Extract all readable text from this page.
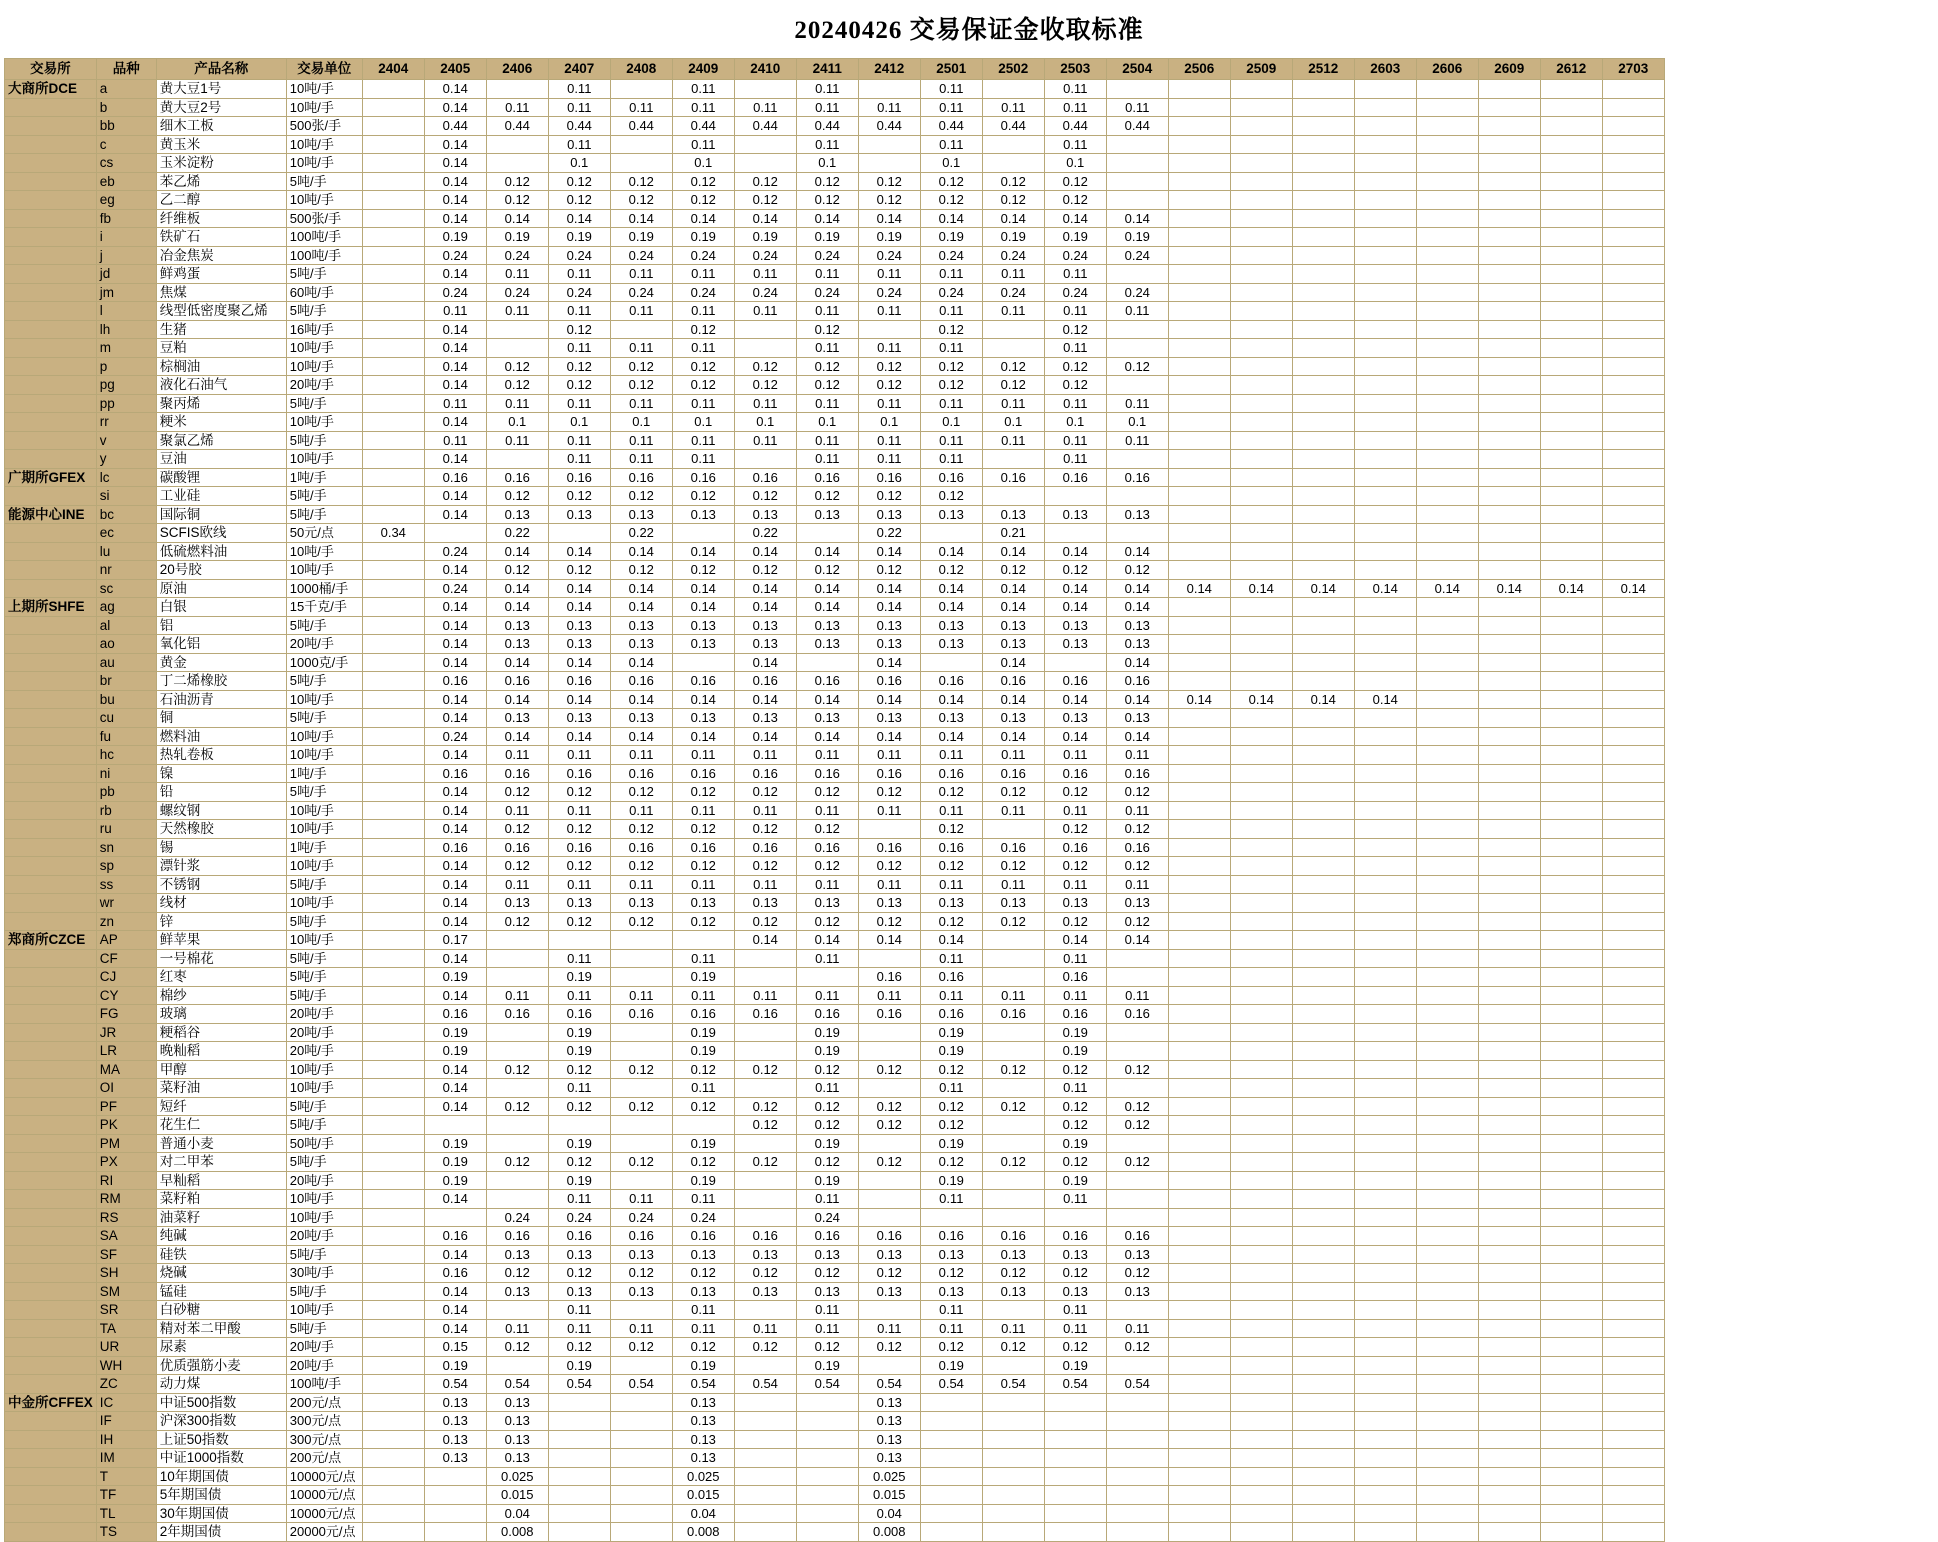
20240426 交易保证金收取标准
交易所	品种	产品名称	交易单位	2404	2405	2406	2407	2408	2409	2410	2411	2412	2501	2502	2503	2504	2506	2509	2512	2603	2606	2609	2612	2703
大商所DCE	a	黄大豆1号	10吨/手		0.14		0.11		0.11		0.11		0.11		0.11									
	b	黄大豆2号	10吨/手		0.14	0.11	0.11	0.11	0.11	0.11	0.11	0.11	0.11	0.11	0.11	0.11								
	bb	细木工板	500张/手		0.44	0.44	0.44	0.44	0.44	0.44	0.44	0.44	0.44	0.44	0.44	0.44								
	c	黄玉米	10吨/手		0.14		0.11		0.11		0.11		0.11		0.11									
	cs	玉米淀粉	10吨/手		0.14		0.1		0.1		0.1		0.1		0.1									
	eb	苯乙烯	5吨/手		0.14	0.12	0.12	0.12	0.12	0.12	0.12	0.12	0.12	0.12	0.12									
	eg	乙二醇	10吨/手		0.14	0.12	0.12	0.12	0.12	0.12	0.12	0.12	0.12	0.12	0.12									
	fb	纤维板	500张/手		0.14	0.14	0.14	0.14	0.14	0.14	0.14	0.14	0.14	0.14	0.14	0.14								
	i	铁矿石	100吨/手		0.19	0.19	0.19	0.19	0.19	0.19	0.19	0.19	0.19	0.19	0.19	0.19								
	j	冶金焦炭	100吨/手		0.24	0.24	0.24	0.24	0.24	0.24	0.24	0.24	0.24	0.24	0.24	0.24								
	jd	鲜鸡蛋	5吨/手		0.14	0.11	0.11	0.11	0.11	0.11	0.11	0.11	0.11	0.11	0.11									
	jm	焦煤	60吨/手		0.24	0.24	0.24	0.24	0.24	0.24	0.24	0.24	0.24	0.24	0.24	0.24								
	l	线型低密度聚乙烯	5吨/手		0.11	0.11	0.11	0.11	0.11	0.11	0.11	0.11	0.11	0.11	0.11	0.11								
	lh	生猪	16吨/手		0.14		0.12		0.12		0.12		0.12		0.12									
	m	豆粕	10吨/手		0.14		0.11	0.11	0.11		0.11	0.11	0.11		0.11									
	p	棕榈油	10吨/手		0.14	0.12	0.12	0.12	0.12	0.12	0.12	0.12	0.12	0.12	0.12	0.12								
	pg	液化石油气	20吨/手		0.14	0.12	0.12	0.12	0.12	0.12	0.12	0.12	0.12	0.12	0.12									
	pp	聚丙烯	5吨/手		0.11	0.11	0.11	0.11	0.11	0.11	0.11	0.11	0.11	0.11	0.11	0.11								
	rr	粳米	10吨/手		0.14	0.1	0.1	0.1	0.1	0.1	0.1	0.1	0.1	0.1	0.1	0.1								
	v	聚氯乙烯	5吨/手		0.11	0.11	0.11	0.11	0.11	0.11	0.11	0.11	0.11	0.11	0.11	0.11								
	y	豆油	10吨/手		0.14		0.11	0.11	0.11		0.11	0.11	0.11		0.11									
广期所GFEX	lc	碳酸锂	1吨/手		0.16	0.16	0.16	0.16	0.16	0.16	0.16	0.16	0.16	0.16	0.16	0.16								
	si	工业硅	5吨/手		0.14	0.12	0.12	0.12	0.12	0.12	0.12	0.12	0.12											
能源中心INE	bc	国际铜	5吨/手		0.14	0.13	0.13	0.13	0.13	0.13	0.13	0.13	0.13	0.13	0.13	0.13								
	ec	SCFIS欧线	50元/点	0.34		0.22		0.22		0.22		0.22		0.21										
	lu	低硫燃料油	10吨/手		0.24	0.14	0.14	0.14	0.14	0.14	0.14	0.14	0.14	0.14	0.14	0.14								
	nr	20号胶	10吨/手		0.14	0.12	0.12	0.12	0.12	0.12	0.12	0.12	0.12	0.12	0.12	0.12								
	sc	原油	1000桶/手		0.24	0.14	0.14	0.14	0.14	0.14	0.14	0.14	0.14	0.14	0.14	0.14	0.14	0.14	0.14	0.14	0.14	0.14	0.14	0.14
上期所SHFE	ag	白银	15千克/手		0.14	0.14	0.14	0.14	0.14	0.14	0.14	0.14	0.14	0.14	0.14	0.14								
	al	铝	5吨/手		0.14	0.13	0.13	0.13	0.13	0.13	0.13	0.13	0.13	0.13	0.13	0.13								
	ao	氧化铝	20吨/手		0.14	0.13	0.13	0.13	0.13	0.13	0.13	0.13	0.13	0.13	0.13	0.13								
	au	黄金	1000克/手		0.14	0.14	0.14	0.14		0.14		0.14		0.14		0.14								
	br	丁二烯橡胶	5吨/手		0.16	0.16	0.16	0.16	0.16	0.16	0.16	0.16	0.16	0.16	0.16	0.16								
	bu	石油沥青	10吨/手		0.14	0.14	0.14	0.14	0.14	0.14	0.14	0.14	0.14	0.14	0.14	0.14	0.14	0.14	0.14	0.14				
	cu	铜	5吨/手		0.14	0.13	0.13	0.13	0.13	0.13	0.13	0.13	0.13	0.13	0.13	0.13								
	fu	燃料油	10吨/手		0.24	0.14	0.14	0.14	0.14	0.14	0.14	0.14	0.14	0.14	0.14	0.14								
	hc	热轧卷板	10吨/手		0.14	0.11	0.11	0.11	0.11	0.11	0.11	0.11	0.11	0.11	0.11	0.11								
	ni	镍	1吨/手		0.16	0.16	0.16	0.16	0.16	0.16	0.16	0.16	0.16	0.16	0.16	0.16								
	pb	铅	5吨/手		0.14	0.12	0.12	0.12	0.12	0.12	0.12	0.12	0.12	0.12	0.12	0.12								
	rb	螺纹钢	10吨/手		0.14	0.11	0.11	0.11	0.11	0.11	0.11	0.11	0.11	0.11	0.11	0.11								
	ru	天然橡胶	10吨/手		0.14	0.12	0.12	0.12	0.12	0.12	0.12		0.12		0.12	0.12								
	sn	锡	1吨/手		0.16	0.16	0.16	0.16	0.16	0.16	0.16	0.16	0.16	0.16	0.16	0.16								
	sp	漂针浆	10吨/手		0.14	0.12	0.12	0.12	0.12	0.12	0.12	0.12	0.12	0.12	0.12	0.12								
	ss	不锈钢	5吨/手		0.14	0.11	0.11	0.11	0.11	0.11	0.11	0.11	0.11	0.11	0.11	0.11								
	wr	线材	10吨/手		0.14	0.13	0.13	0.13	0.13	0.13	0.13	0.13	0.13	0.13	0.13	0.13								
	zn	锌	5吨/手		0.14	0.12	0.12	0.12	0.12	0.12	0.12	0.12	0.12	0.12	0.12	0.12								
郑商所CZCE	AP	鲜苹果	10吨/手		0.17					0.14	0.14	0.14	0.14		0.14	0.14								
	CF	一号棉花	5吨/手		0.14		0.11		0.11		0.11		0.11		0.11									
	CJ	红枣	5吨/手		0.19		0.19		0.19			0.16	0.16		0.16									
	CY	棉纱	5吨/手		0.14	0.11	0.11	0.11	0.11	0.11	0.11	0.11	0.11	0.11	0.11	0.11								
	FG	玻璃	20吨/手		0.16	0.16	0.16	0.16	0.16	0.16	0.16	0.16	0.16	0.16	0.16	0.16								
	JR	粳稻谷	20吨/手		0.19		0.19		0.19		0.19		0.19		0.19									
	LR	晚籼稻	20吨/手		0.19		0.19		0.19		0.19		0.19		0.19									
	MA	甲醇	10吨/手		0.14	0.12	0.12	0.12	0.12	0.12	0.12	0.12	0.12	0.12	0.12	0.12								
	OI	菜籽油	10吨/手		0.14		0.11		0.11		0.11		0.11		0.11									
	PF	短纤	5吨/手		0.14	0.12	0.12	0.12	0.12	0.12	0.12	0.12	0.12	0.12	0.12	0.12								
	PK	花生仁	5吨/手							0.12	0.12	0.12	0.12		0.12	0.12								
	PM	普通小麦	50吨/手		0.19		0.19		0.19		0.19		0.19		0.19									
	PX	对二甲苯	5吨/手		0.19	0.12	0.12	0.12	0.12	0.12	0.12	0.12	0.12	0.12	0.12	0.12								
	RI	早籼稻	20吨/手		0.19		0.19		0.19		0.19		0.19		0.19									
	RM	菜籽粕	10吨/手		0.14		0.11	0.11	0.11		0.11		0.11		0.11									
	RS	油菜籽	10吨/手			0.24	0.24	0.24	0.24		0.24													
	SA	纯碱	20吨/手		0.16	0.16	0.16	0.16	0.16	0.16	0.16	0.16	0.16	0.16	0.16	0.16								
	SF	硅铁	5吨/手		0.14	0.13	0.13	0.13	0.13	0.13	0.13	0.13	0.13	0.13	0.13	0.13								
	SH	烧碱	30吨/手		0.16	0.12	0.12	0.12	0.12	0.12	0.12	0.12	0.12	0.12	0.12	0.12								
	SM	锰硅	5吨/手		0.14	0.13	0.13	0.13	0.13	0.13	0.13	0.13	0.13	0.13	0.13	0.13								
	SR	白砂糖	10吨/手		0.14		0.11		0.11		0.11		0.11		0.11									
	TA	精对苯二甲酸	5吨/手		0.14	0.11	0.11	0.11	0.11	0.11	0.11	0.11	0.11	0.11	0.11	0.11								
	UR	尿素	20吨/手		0.15	0.12	0.12	0.12	0.12	0.12	0.12	0.12	0.12	0.12	0.12	0.12								
	WH	优质强筋小麦	20吨/手		0.19		0.19		0.19		0.19		0.19		0.19									
	ZC	动力煤	100吨/手		0.54	0.54	0.54	0.54	0.54	0.54	0.54	0.54	0.54	0.54	0.54	0.54								
中金所CFFEX	IC	中证500指数	200元/点		0.13	0.13			0.13			0.13												
	IF	沪深300指数	300元/点		0.13	0.13			0.13			0.13												
	IH	上证50指数	300元/点		0.13	0.13			0.13			0.13												
	IM	中证1000指数	200元/点		0.13	0.13			0.13			0.13												
	T	10年期国债	10000元/点			0.025			0.025			0.025												
	TF	5年期国债	10000元/点			0.015			0.015			0.015												
	TL	30年期国债	10000元/点			0.04			0.04			0.04												
	TS	2年期国债	20000元/点			0.008			0.008			0.008												
